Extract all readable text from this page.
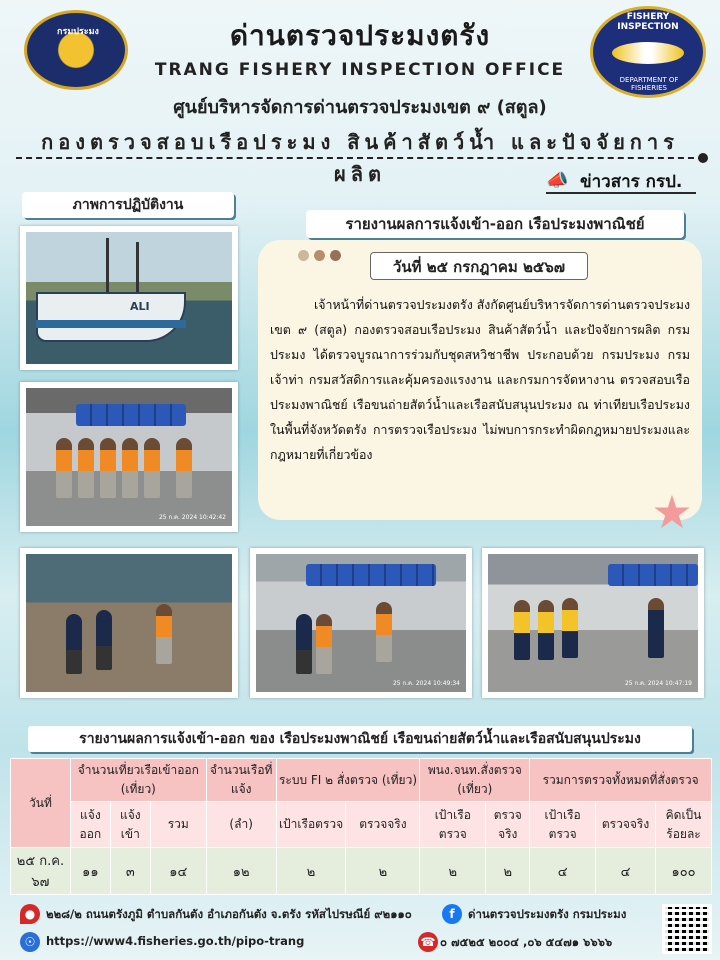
กรมประมง
FISHERY INSPECTION
DEPARTMENT OF FISHERIES
ด่านตรวจประมงตรัง
TRANG FISHERY INSPECTION OFFICE
ศูนย์บริหารจัดการด่านตรวจประมงเขต ๙ (สตูล)
กองตรวจสอบเรือประมง สินค้าสัตว์น้ำ และปัจจัยการผลิต	📣 ข่าวสาร กรป.
ภาพการปฏิบัติงาน
รายงานผลการแจ้งเข้า-ออก เรือประมงพาณิชย์
ALI
25 ก.ค. 2024 10:42:42
25 ก.ค. 2024 10:49:34	25 ก.ค. 2024 10:47:19
วันที่ ๒๕ กรกฎาคม ๒๕๖๗
เจ้าหน้าที่ด่านตรวจประมงตรัง สังกัดศูนย์บริหารจัดการด่านตรวจประมง เขต ๙ (สตูล) กองตรวจสอบเรือประมง สินค้าสัตว์น้ำ และปัจจัยการผลิต กรมประมง ได้ตรวจบูรณาการร่วมกับชุดสหวิชาชีพ ประกอบด้วย กรมประมง กรมเจ้าท่า กรมสวัสดิการและคุ้มครองแรงงาน และกรมการจัดหางาน ตรวจสอบเรือประมงพาณิชย์ เรือขนถ่ายสัตว์น้ำและเรือสนับสนุนประมง ณ ท่าเทียบเรือประมงในพื้นที่จังหวัดตรัง การตรวจเรือประมง ไม่พบการกระทำผิดกฎหมายประมงและกฎหมายที่เกี่ยวข้อง
★
รายงานผลการแจ้งเข้า-ออก ของ เรือประมงพาณิชย์ เรือขนถ่ายสัตว์น้ำและเรือสนับสนุนประมง
วันที่	จำนวนเที่ยวเรือเข้าออก (เที่ยว)			จำนวนเรือที่แจ้ง	ระบบ FI ๒ สั่งตรวจ (เที่ยว)		พนง.จนท.สั่งตรวจ (เที่ยว)		รวมการตรวจทั้งหมดที่สั่งตรวจ		
	แจ้งออก	แจ้งเข้า	รวม	(ลำ)	เป้าเรือตรวจ	ตรวจจริง	เป้าเรือตรวจ	ตรวจจริง	เป้าเรือตรวจ	ตรวจจริง	คิดเป็นร้อยละ
๒๕ ก.ค. ๖๗	๑๑	๓	๑๔	๑๒	๒	๒	๒	๒	๔	๔	๑๐๐
● ๒๒๘/๒ ถนนตรังภูมิ ตำบลกันตัง อำเภอกันตัง จ.ตรัง รหัสไปรษณีย์ ๙๒๑๑๐	f	ด่านตรวจประมงตรัง กรมประมง
☉ https://www4.fisheries.go.th/pipo-trang	☎ ๐ ๗๕๒๕ ๒๐๐๔ ,๐๖ ๕๔๗๑ ๖๖๖๖
